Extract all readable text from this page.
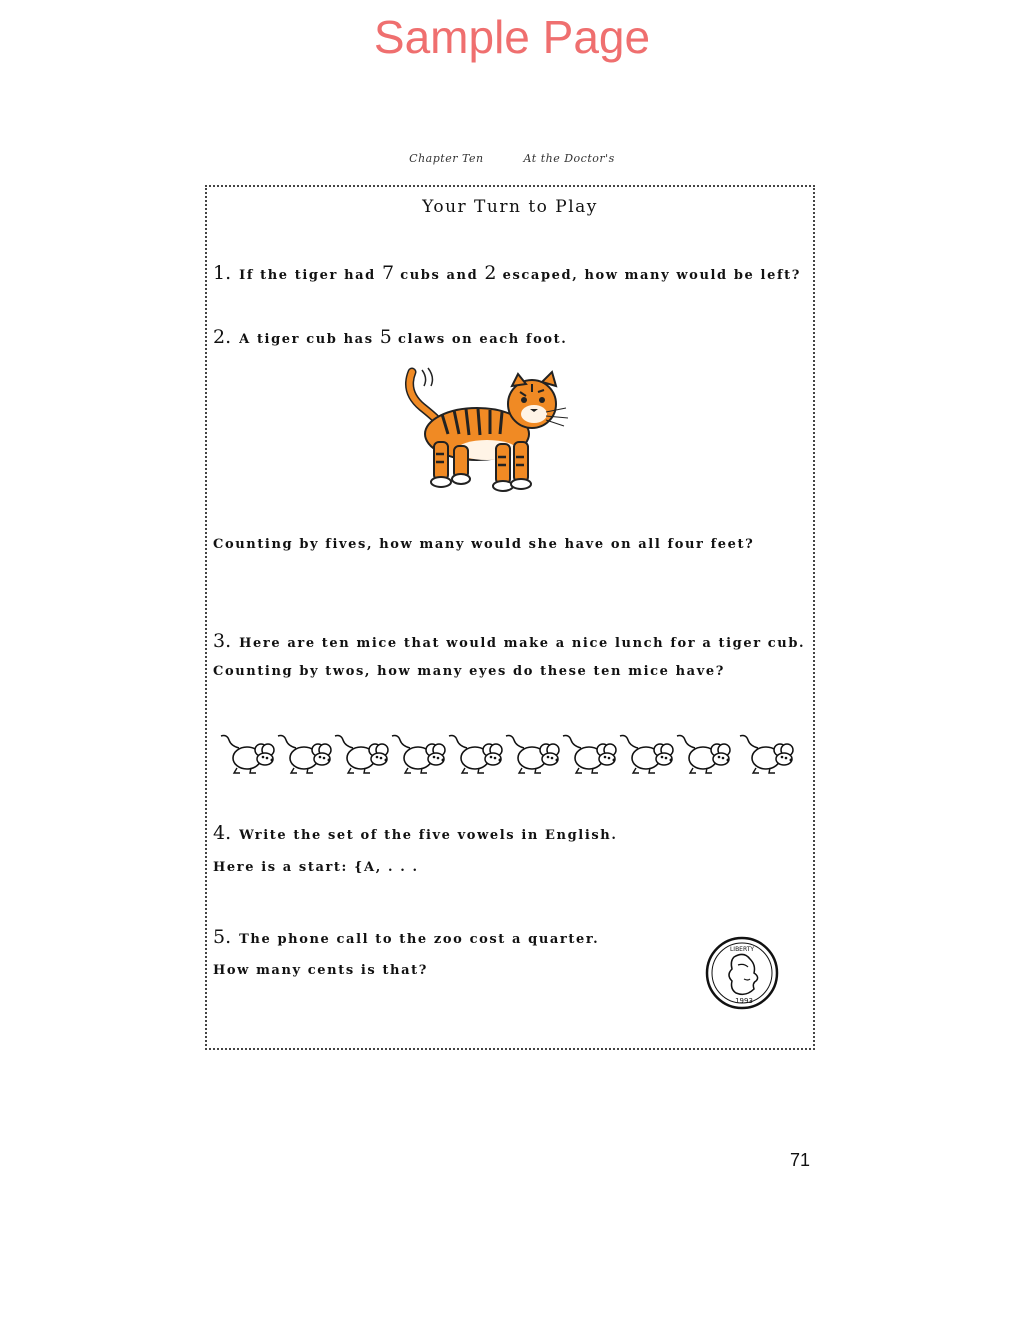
Sample Page
Chapter Ten	At the Doctor's
Your Turn to Play
1. If the tiger had 7 cubs and 2 escaped, how many would be left?
2. A tiger cub has 5 claws on each foot.
Counting by fives, how many would she have on all four feet?
3. Here are ten mice that would make a nice lunch for a tiger cub. Counting by twos, how many eyes do these ten mice have?
4. Write the set of the five vowels in English.
Here is a start: {A, . . .
5. The phone call to the zoo cost a quarter.
How many cents is that?
LIBERTY
1993
71
